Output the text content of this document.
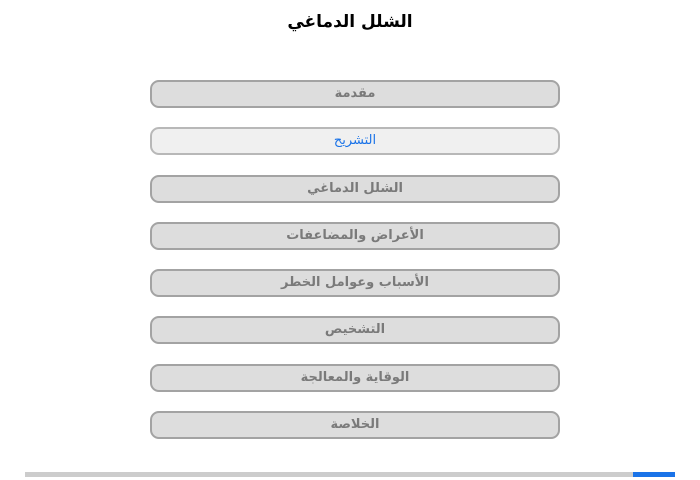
الشلل الدماغي
مقدمة
التشريح
الشلل الدماغي
الأعراض والمضاعفات
الأسباب وعوامل الخطر
التشخيص
الوقاية والمعالجة
الخلاصة
